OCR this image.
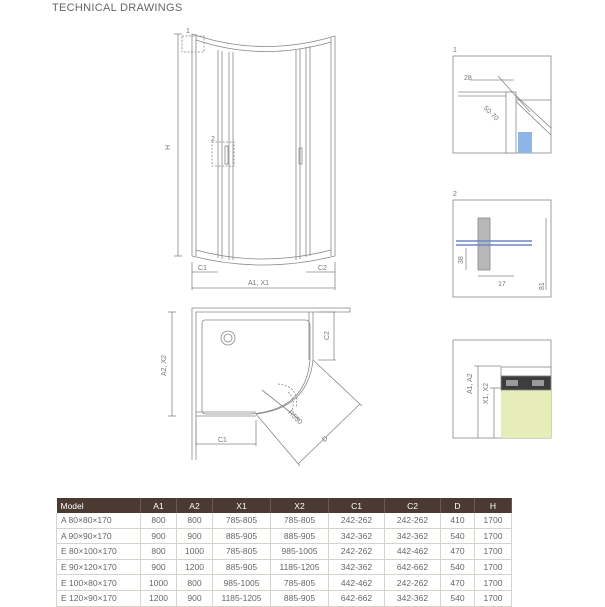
TECHNICAL DRAWINGS
1
2
H
A1, X1
C1	C2
A2, X2
C2
C1
R550
D
1
28
50-70
2
38
17	81
A1, A2 X1, X2
Model	A1	A2	X1	X2	C1	C2	D	H
A 80×80×170	800	800	785-805	785-805	242-262	242-262	410	1700
A 90×90×170	900	900	885-905	885-905	342-362	342-362	540	1700
E 80×100×170	800	1000	785-805	985-1005	242-262	442-462	470	1700
E 90×120×170	900	1200	885-905	1185-1205	342-362	642-662	540	1700
E 100×80×170	1000	800	985-1005	785-805	442-462	242-262	470	1700
E 120×90×170	1200	900	1185-1205	885-905	642-662	342-362	540	1700
